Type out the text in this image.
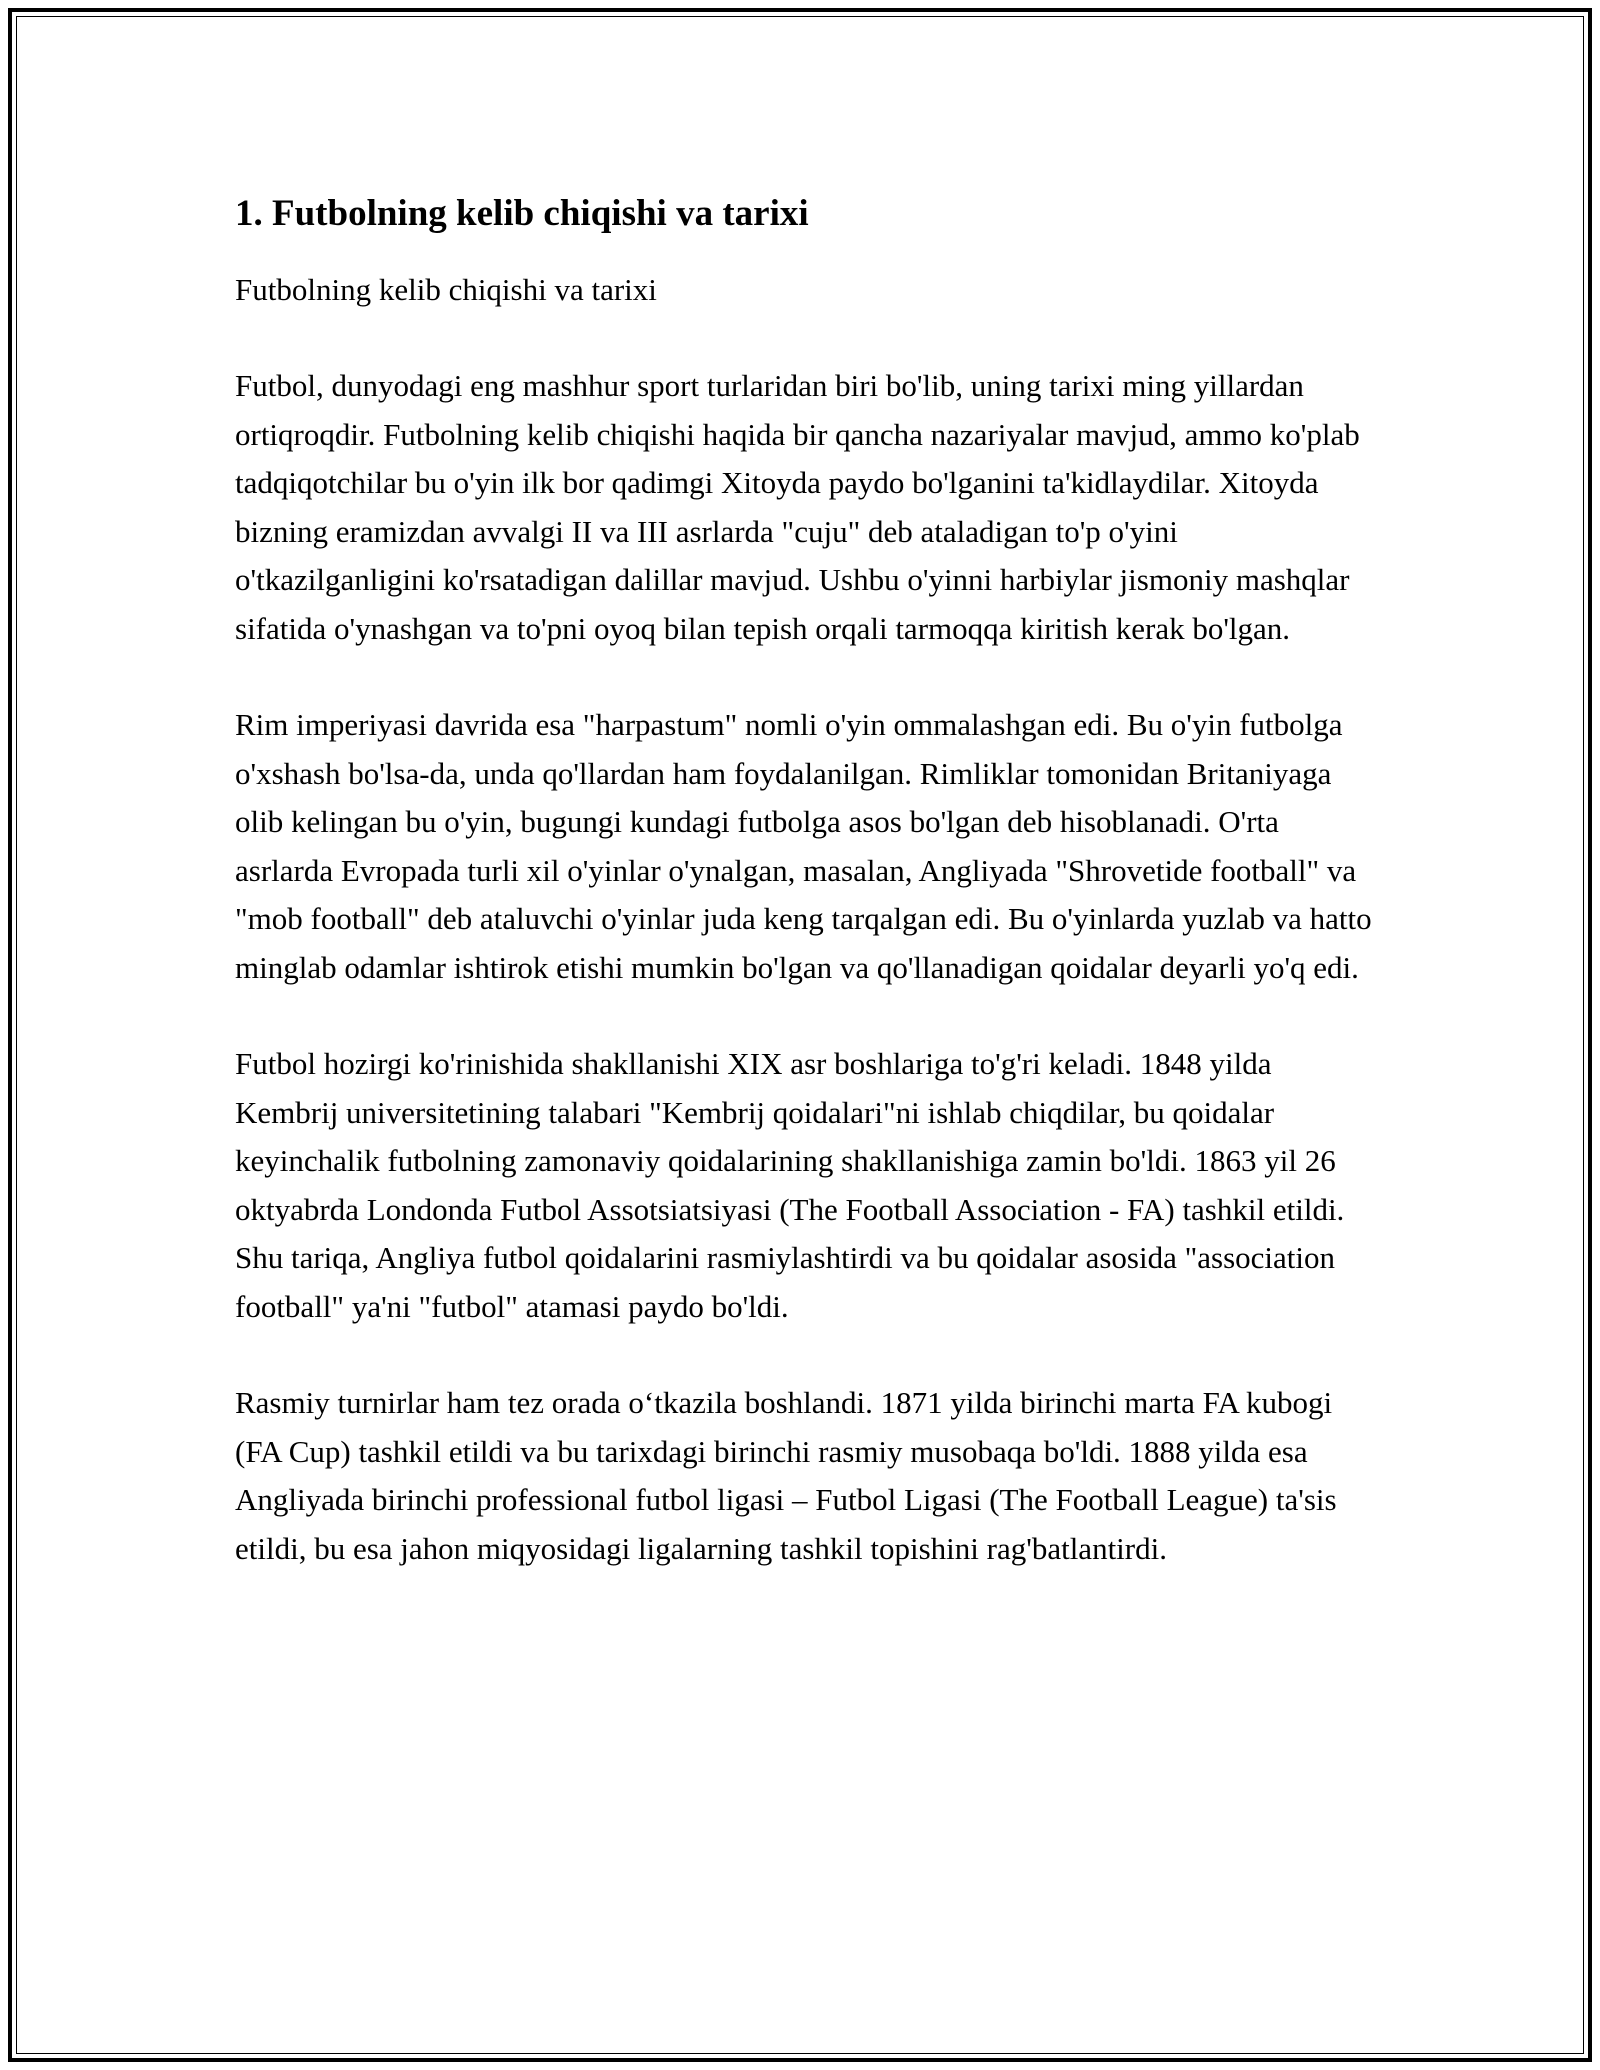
1. Futbolning kelib chiqishi va tarixi

Futbolning kelib chiqishi va tarixi

Futbol, dunyodagi eng mashhur sport turlaridan biri bo'lib, uning tarixi ming yillardan ortiqroqdir. Futbolning kelib chiqishi haqida bir qancha nazariyalar mavjud, ammo ko'plab tadqiqotchilar bu o'yin ilk bor qadimgi Xitoyda paydo bo'lganini ta'kidlaydilar. Xitoyda bizning eramizdan avvalgi II va III asrlarda "cuju" deb ataladigan to'p o'yini o'tkazilganligini ko'rsatadigan dalillar mavjud. Ushbu o'yinni harbiylar jismoniy mashqlar sifatida o'ynashgan va to'pni oyoq bilan tepish orqali tarmoqqa kiritish kerak bo'lgan.

Rim imperiyasi davrida esa "harpastum" nomli o'yin ommalashgan edi. Bu o'yin futbolga o'xshash bo'lsa-da, unda qo'llardan ham foydalanilgan. Rimliklar tomonidan Britaniyaga olib kelingan bu o'yin, bugungi kundagi futbolga asos bo'lgan deb hisoblanadi. O'rta asrlarda Evropada turli xil o'yinlar o'ynalgan, masalan, Angliyada "Shrovetide football" va "mob football" deb ataluvchi o'yinlar juda keng tarqalgan edi. Bu o'yinlarda yuzlab va hatto minglab odamlar ishtirok etishi mumkin bo'lgan va qo'llanadigan qoidalar deyarli yo'q edi.

Futbol hozirgi ko'rinishida shakllanishi XIX asr boshlariga to'g'ri keladi. 1848 yilda Kembrij universitetining talabari "Kembrij qoidalari"ni ishlab chiqdilar, bu qoidalar keyinchalik futbolning zamonaviy qoidalarining shakllanishiga zamin bo'ldi. 1863 yil 26 oktyabrda Londonda Futbol Assotsiatsiyasi (The Football Association - FA) tashkil etildi. Shu tariqa, Angliya futbol qoidalarini rasmiylashtirdi va bu qoidalar asosida "association football" ya'ni "futbol" atamasi paydo bo'ldi.

Rasmiy turnirlar ham tez orada o‘tkazila boshlandi. 1871 yilda birinchi marta FA kubogi (FA Cup) tashkil etildi va bu tarixdagi birinchi rasmiy musobaqa bo'ldi. 1888 yilda esa Angliyada birinchi professional futbol ligasi – Futbol Ligasi (The Football League) ta'sis etildi, bu esa jahon miqyosidagi ligalarning tashkil topishini rag'batlantirdi.
